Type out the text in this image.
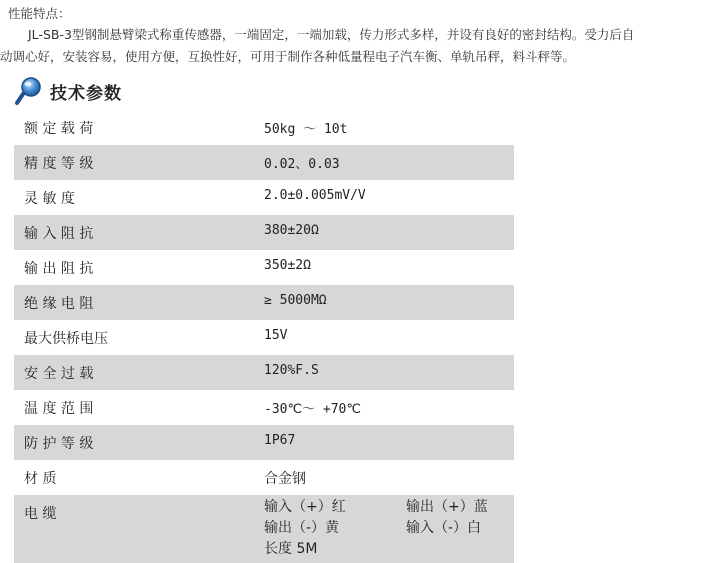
性能特点：

JL-SB-3型钢制悬臂梁式称重传感器，一端固定，一端加载，传力形式多样，并设有良好的密封结构。受力后自

动调心好，安装容易，使用方便，互换性好，可用于制作各种低量程电子汽车衡、单轨吊秤，料斗秤等。

技术参数
额 定 载 荷	50kg ～ 10t
精 度 等 级	0.02、0.03
灵 敏 度	2.0±0.005mV/V
输 入 阻 抗	380±20Ω
输 出 阻 抗	350±2Ω
绝 缘 电 阻	≥ 5000MΩ
最大供桥电压	15V
安 全 过 载	120%F.S
温 度 范 围	-30℃～ +70℃
防 护 等 级	1P67
材 质	合金钢
电 缆	输入（+）红	输出（+）蓝
输出（-）黄	输入（-）白
长度 5M
